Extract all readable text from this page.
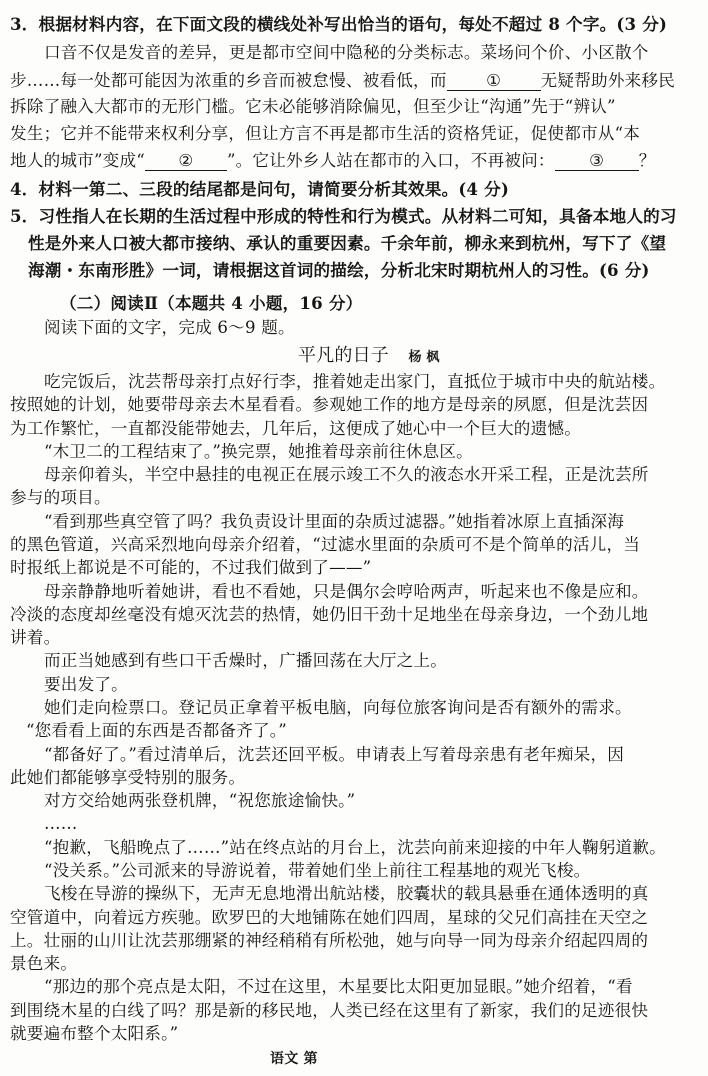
3．根据材料内容，在下面文段的横线处补写出恰当的语句，每处不超过 8 个字。(3 分)
口音不仅是发音的差异，更是都市空间中隐秘的分类标志。菜场问个价、小区散个
步……每一处都可能因为浓重的乡音而被怠慢、被看低，而 ① 无疑帮助外来移民
拆除了融入大都市的无形门槛。它未必能够消除偏见，但至少让“沟通”先于“辨认”
发生；它并不能带来权利分享，但让方言不再是都市生活的资格凭证，促使都市从“本
地人的城市”变成“ ② ”。它让外乡人站在都市的入口，不再被问： ③ ？
4．材料一第二、三段的结尾都是问句，请简要分析其效果。(4 分)
5．习性指人在长期的生活过程中形成的特性和行为模式。从材料二可知，具备本地人的习
性是外来人口被大都市接纳、承认的重要因素。千余年前，柳永来到杭州，写下了《望
海潮・东南形胜》一词，请根据这首词的描绘，分析北宋时期杭州人的习性。(6 分)
（二）阅读Ⅱ（本题共 4 小题，16 分）
阅读下面的文字，完成 6～9 题。
平凡的日子 杨 枫
语文 第
吃完饭后，沈芸帮母亲打点好行李，推着她走出家门，直抵位于城市中央的航站楼。
按照她的计划，她要带母亲去木星看看。参观她工作的地方是母亲的夙愿，但是沈芸因
为工作繁忙，一直都没能带她去，几年后，这便成了她心中一个巨大的遗憾。
“木卫二的工程结束了。”换完票，她推着母亲前往休息区。
母亲仰着头，半空中悬挂的电视正在展示竣工不久的液态水开采工程，正是沈芸所
参与的项目。
“看到那些真空管了吗？我负责设计里面的杂质过滤器。”她指着冰原上直插深海
的黑色管道，兴高采烈地向母亲介绍着，“过滤水里面的杂质可不是个简单的活儿，当
时报纸上都说是不可能的，不过我们做到了——”
母亲静静地听着她讲，看也不看她，只是偶尔会哼哈两声，听起来也不像是应和。
冷淡的态度却丝毫没有熄灭沈芸的热情，她仍旧干劲十足地坐在母亲身边，一个劲儿地
讲着。
而正当她感到有些口干舌燥时，广播回荡在大厅之上。
要出发了。
她们走向检票口。登记员正拿着平板电脑，向每位旅客询问是否有额外的需求。
“您看看上面的东西是否都备齐了。”
“都备好了。”看过清单后，沈芸还回平板。申请表上写着母亲患有老年痴呆，因
此她们都能够享受特别的服务。
对方交给她两张登机牌，“祝您旅途愉快。”
……
“抱歉，飞船晚点了……”站在终点站的月台上，沈芸向前来迎接的中年人鞠躬道歉。
“没关系。”公司派来的导游说着，带着她们坐上前往工程基地的观光飞梭。
飞梭在导游的操纵下，无声无息地滑出航站楼，胶囊状的载具悬垂在通体透明的真
空管道中，向着远方疾驰。欧罗巴的大地铺陈在她们四周，星球的父兄们高挂在天空之
上。壮丽的山川让沈芸那绷紧的神经稍稍有所松弛，她与向导一同为母亲介绍起四周的
景色来。
“那边的那个亮点是太阳，不过在这里，木星要比太阳更加显眼。”她介绍着，“看
到围绕木星的白线了吗？那是新的移民地，人类已经在这里有了新家，我们的足迹很快
就要遍布整个太阳系。”
